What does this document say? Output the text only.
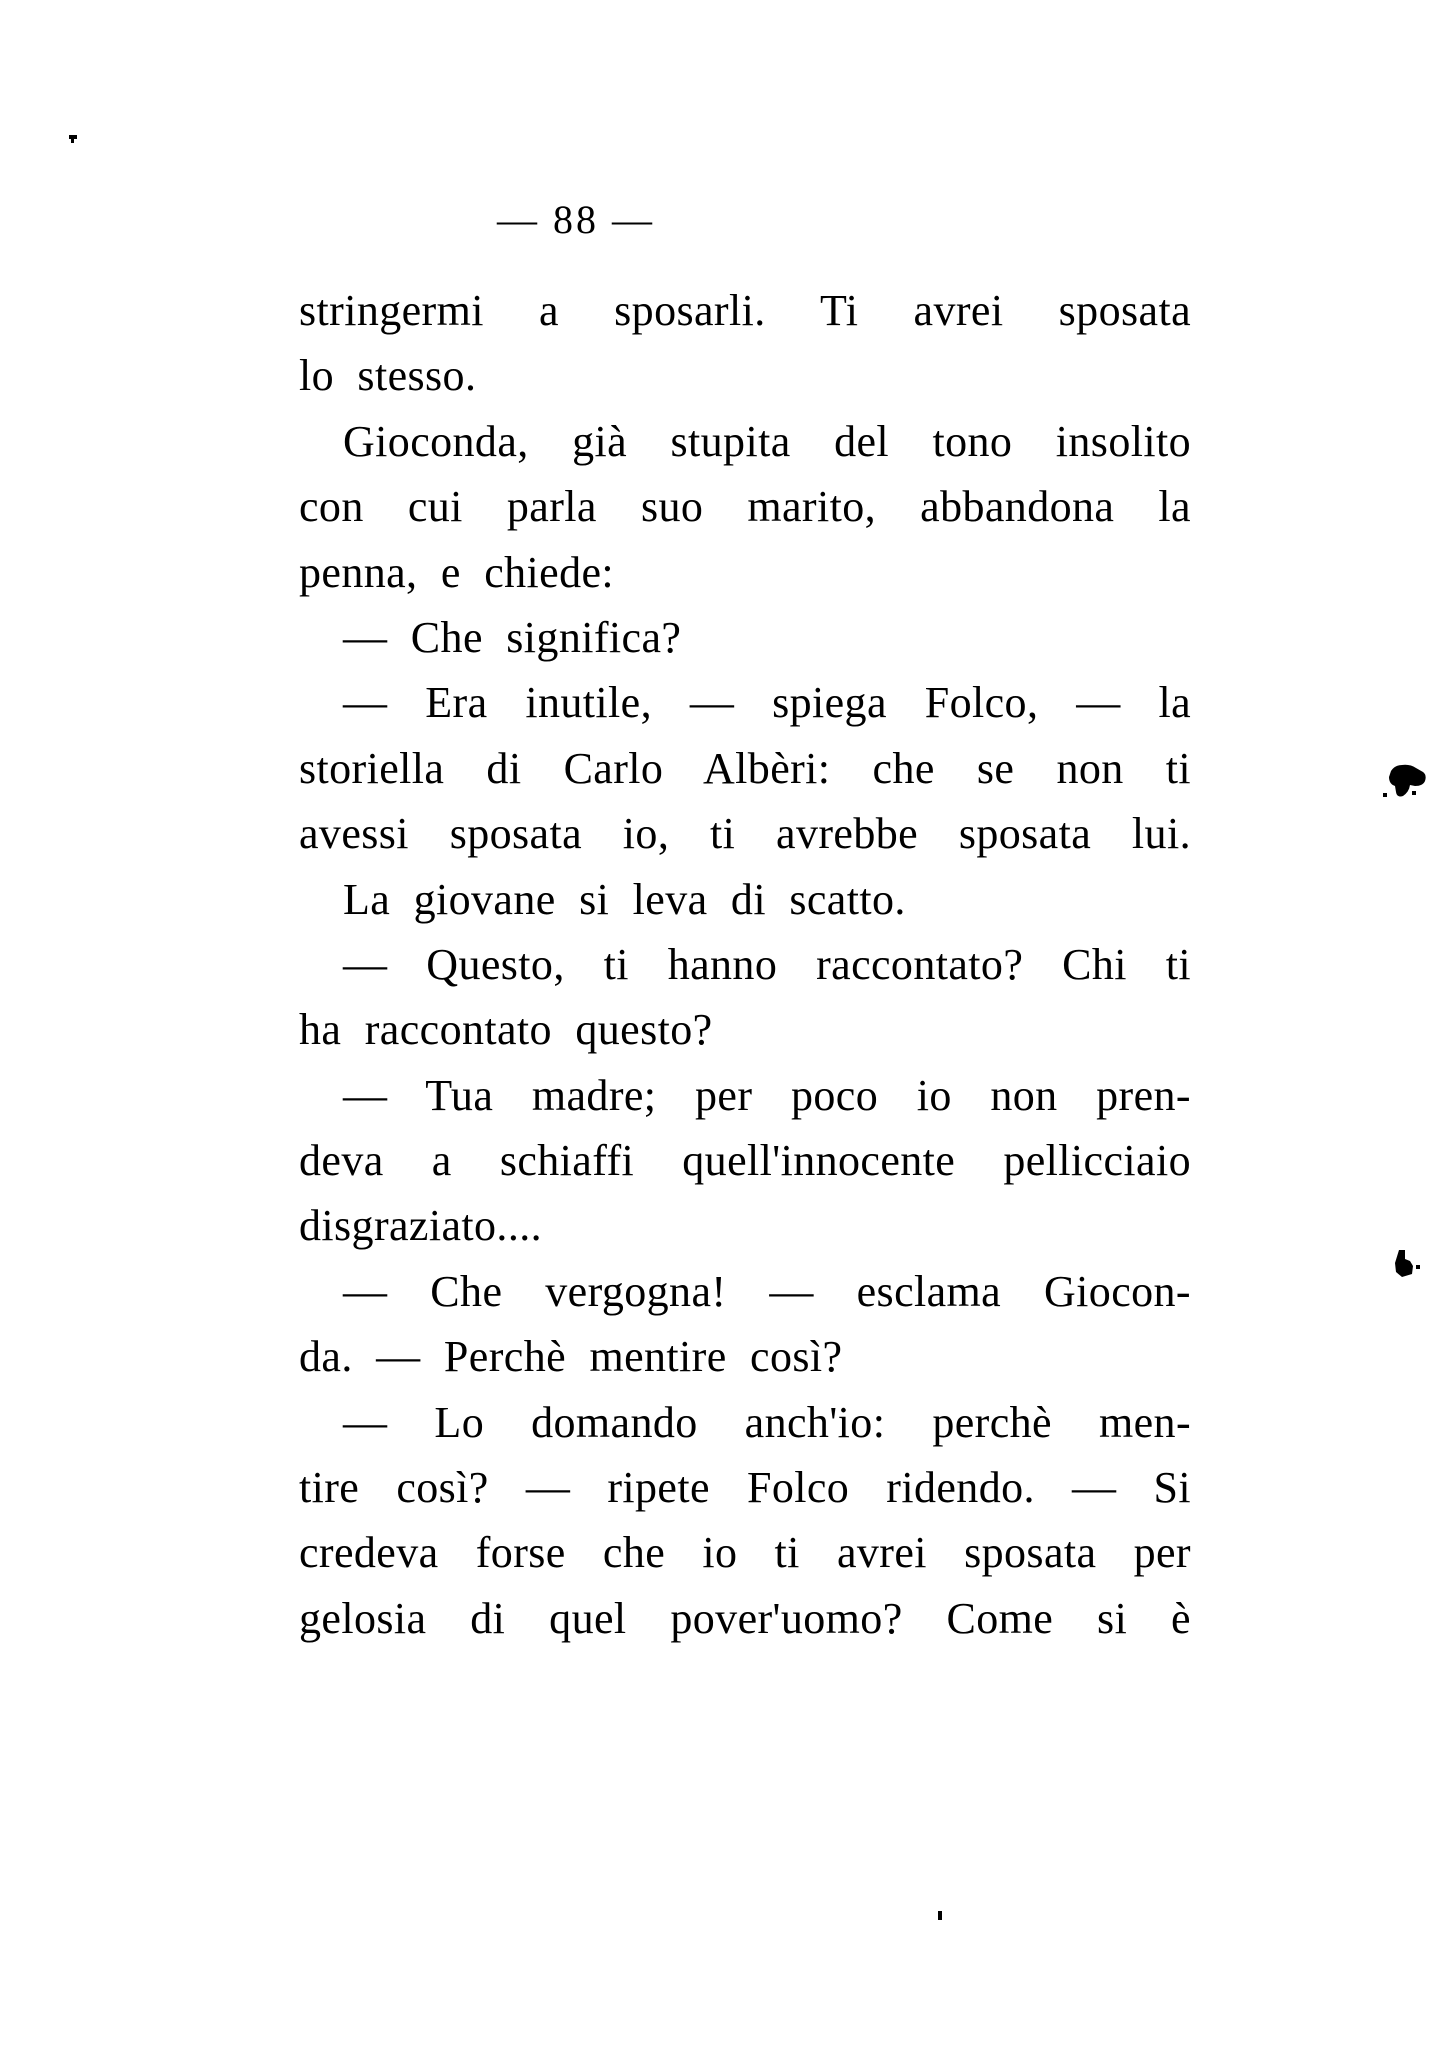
— 88 —
stringermi a sposarli. Ti avrei sposata
lo stesso.
Gioconda, già stupita del tono insolito
con cui parla suo marito, abbandona la
penna, e chiede:
— Che significa?
— Era inutile, — spiega Folco, — la
storiella di Carlo Albèri: che se non ti
avessi sposata io, ti avrebbe sposata lui.
La giovane si leva di scatto.
— Questo, ti hanno raccontato? Chi ti
ha raccontato questo?
— Tua madre; per poco io non pren-
deva a schiaffi quell'innocente pellicciaio
disgraziato....
— Che vergogna! — esclama Giocon-
da. — Perchè mentire così?
— Lo domando anch'io: perchè men-
tire così? — ripete Folco ridendo. — Si
credeva forse che io ti avrei sposata per
gelosia di quel pover'uomo? Come si è
